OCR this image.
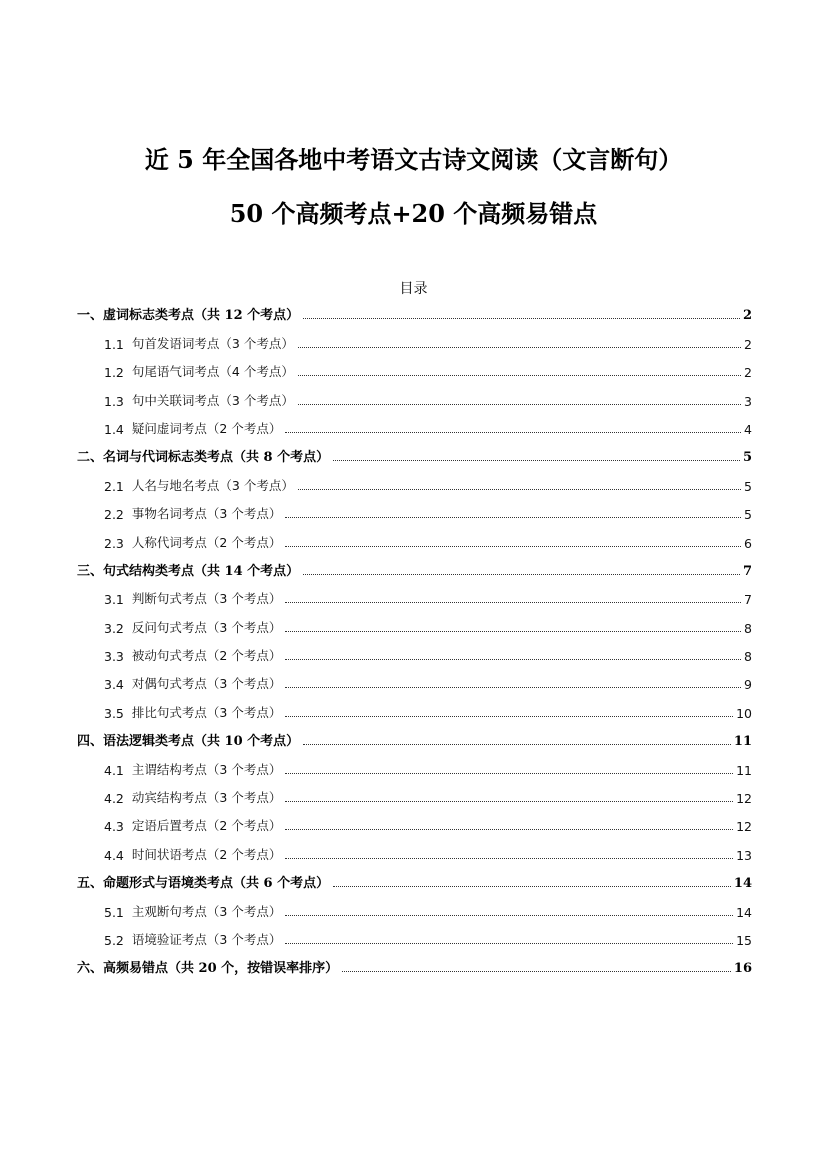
近 5 年全国各地中考语文古诗文阅读（文言断句）
50 个高频考点+20 个高频易错点
目录
一、虚词标志类考点（共 12 个考点）	2
1.1 句首发语词考点（3 个考点）	2
1.2 句尾语气词考点（4 个考点）	2
1.3 句中关联词考点（3 个考点）	3
1.4 疑问虚词考点（2 个考点）	4
二、名词与代词标志类考点（共 8 个考点）	5
2.1 人名与地名考点（3 个考点）	5
2.2 事物名词考点（3 个考点）	5
2.3 人称代词考点（2 个考点）	6
三、句式结构类考点（共 14 个考点）	7
3.1 判断句式考点（3 个考点）	7
3.2 反问句式考点（3 个考点）	8
3.3 被动句式考点（2 个考点）	8
3.4 对偶句式考点（3 个考点）	9
3.5 排比句式考点（3 个考点）	10
四、语法逻辑类考点（共 10 个考点）	11
4.1 主谓结构考点（3 个考点）	11
4.2 动宾结构考点（3 个考点）	12
4.3 定语后置考点（2 个考点）	12
4.4 时间状语考点（2 个考点）	13
五、命题形式与语境类考点（共 6 个考点）	14
5.1 主观断句考点（3 个考点）	14
5.2 语境验证考点（3 个考点）	15
六、高频易错点（共 20 个，按错误率排序）	16
